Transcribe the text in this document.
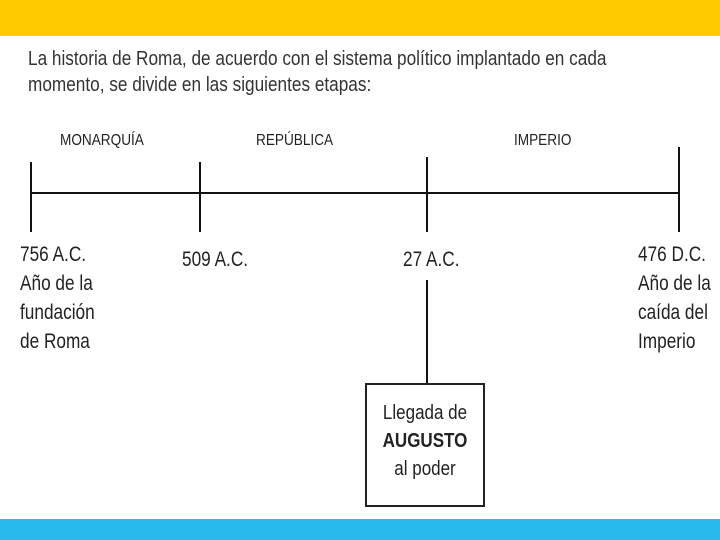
La historia de Roma, de acuerdo con el sistema político implantado en cada
momento, se divide en las siguientes etapas:
MONARQUÍA	REPÚBLICA	IMPERIO
756 A.C.
Año de la
fundación
de Roma
509 A.C.	27 A.C.	476 D.C.
Año de la
caída del
Imperio
Llegada de
AUGUSTO
al poder
